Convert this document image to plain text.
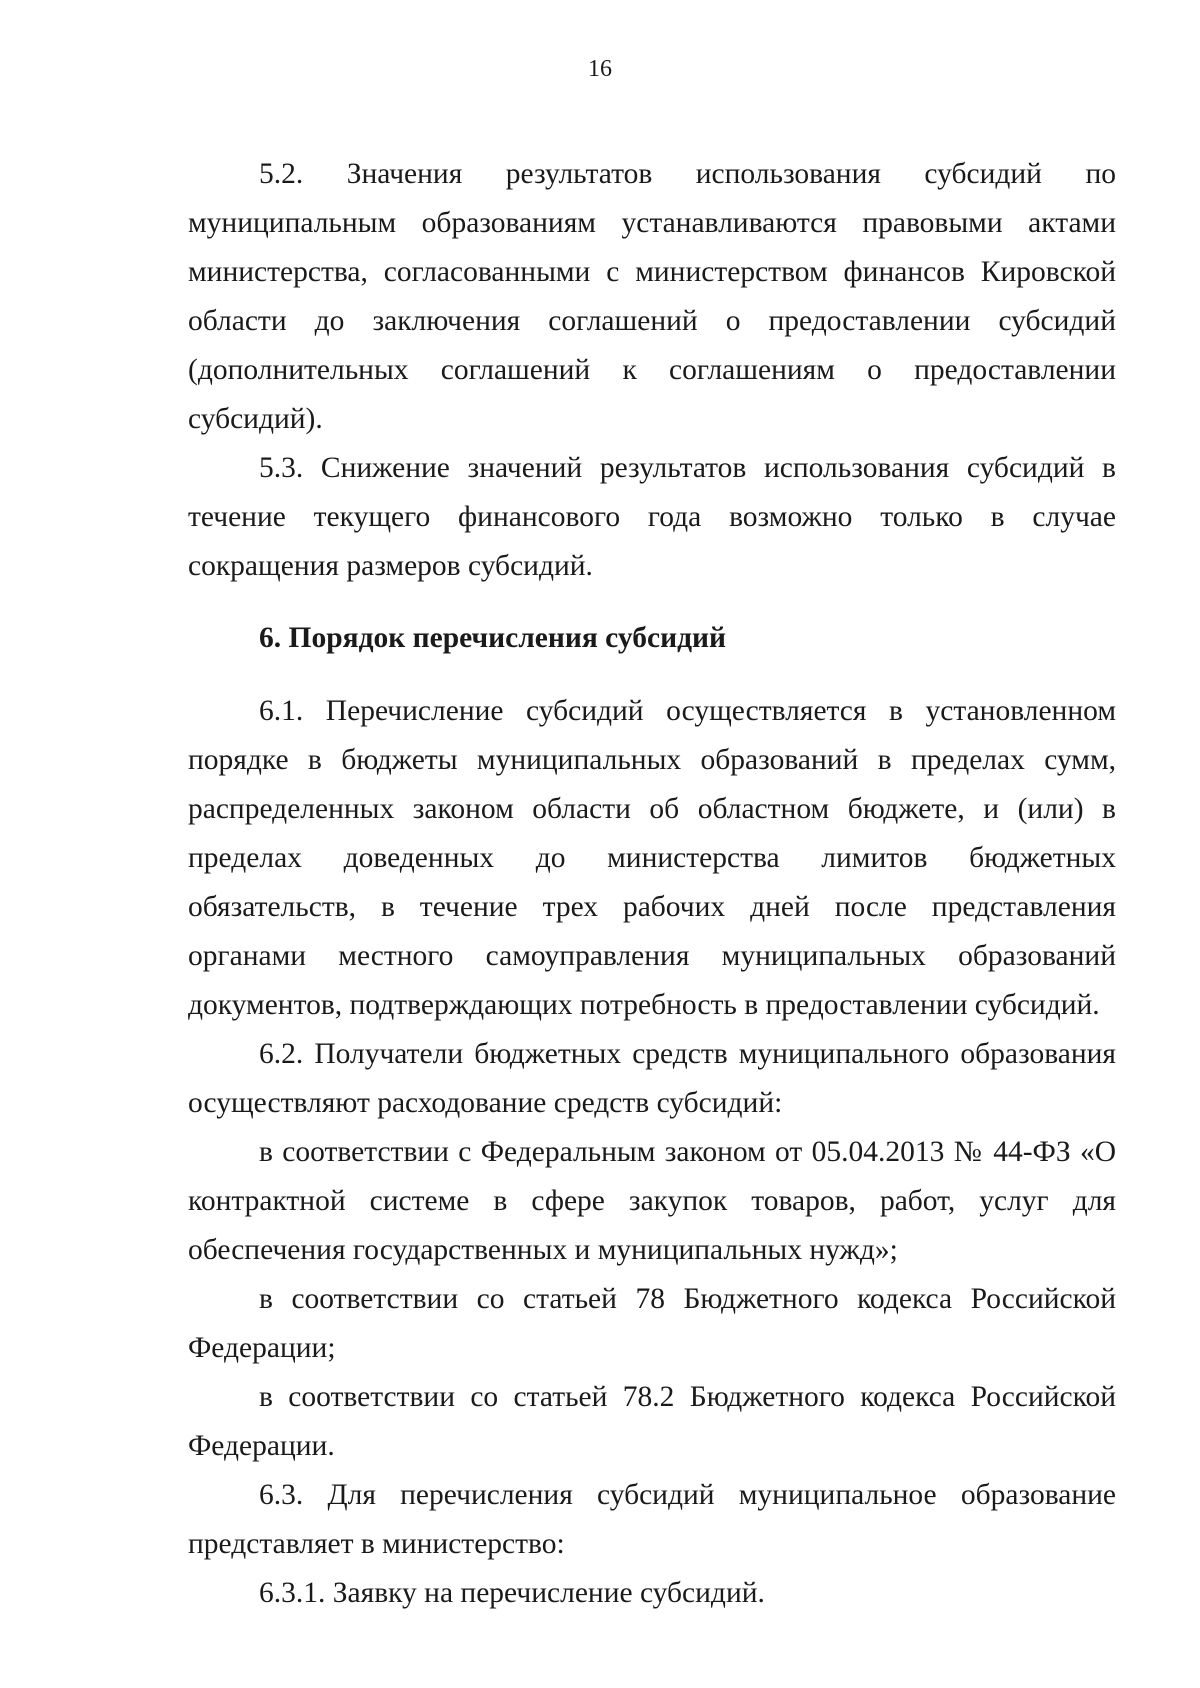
16

5.2. Значения результатов использования субсидий по муниципальным образованиям устанавливаются правовыми актами министерства, согласованными с министерством финансов Кировской области до заключения соглашений о предоставлении субсидий (дополнительных соглашений к соглашениям о предоставлении субсидий).

5.3. Снижение значений результатов использования субсидий в течение текущего финансового года возможно только в случае сокращения размеров субсидий.

6. Порядок перечисления субсидий

6.1. Перечисление субсидий осуществляется в установленном порядке в бюджеты муниципальных образований в пределах сумм, распределенных законом области об областном бюджете, и (или) в пределах доведенных до министерства лимитов бюджетных обязательств, в течение трех рабочих дней после представления органами местного самоуправления муниципальных образований документов, подтверждающих потребность в предоставлении субсидий.

6.2. Получатели бюджетных средств муниципального образования осуществляют расходование средств субсидий:

в соответствии с Федеральным законом от 05.04.2013 № 44-ФЗ «О контрактной системе в сфере закупок товаров, работ, услуг для обеспечения государственных и муниципальных нужд»;

в соответствии со статьей 78 Бюджетного кодекса Российской Федерации;

в соответствии со статьей 78.2 Бюджетного кодекса Российской Федерации.

6.3. Для перечисления субсидий муниципальное образование представляет в министерство:

6.3.1. Заявку на перечисление субсидий.
